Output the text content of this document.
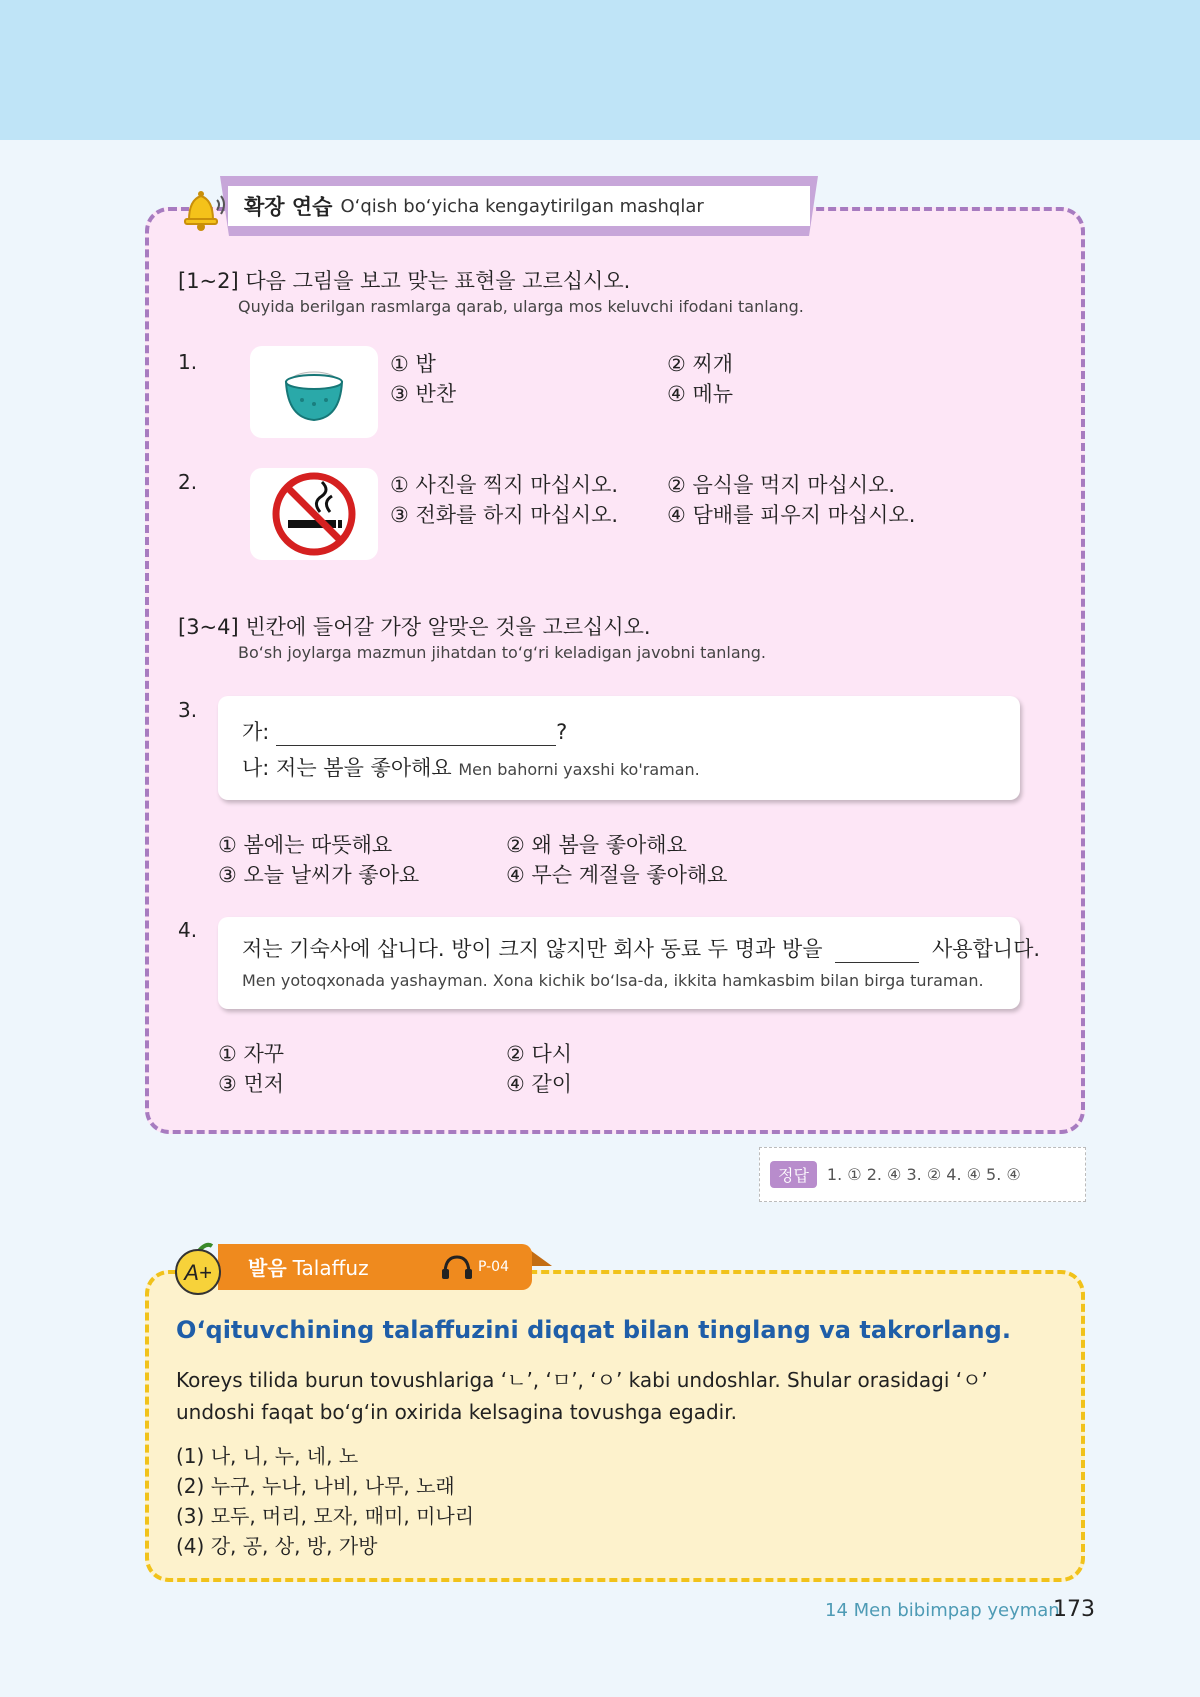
확장 연습 O‘qish bo‘yicha kengaytirilgan mashqlar
[1~2] 다음 그림을 보고 맞는 표현을 고르십시오.
Quyida berilgan rasmlarga qarab, ularga mos keluvchi ifodani tanlang.
1.	① 밥	② 찌개
③ 반찬	④ 메뉴
2.	① 사진을 찍지 마십시오. ② 음식을 먹지 마십시오.
③ 전화를 하지 마십시오. ④ 담배를 피우지 마십시오.
[3~4] 빈칸에 들어갈 가장 알맞은 것을 고르십시오.
Bo‘sh joylarga mazmun jihatdan to‘g‘ri keladigan javobni tanlang.
3.
가:	?
나: 저는 봄을 좋아해요 Men bahorni yaxshi ko'raman.
① 봄에는 따뜻해요	② 왜 봄을 좋아해요
③ 오늘 날씨가 좋아요	④ 무슨 계절을 좋아해요
4.
저는 기숙사에 삽니다. 방이 크지 않지만 회사 동료 두 명과 방을	사용합니다.
Men yotoqxonada yashayman. Xona kichik bo‘lsa-da, ikkita hamkasbim bilan birga turaman.
① 자꾸	② 다시
③ 먼저	④ 같이
정답	1. ① 2. ④ 3. ② 4. ④ 5. ④
발음 Talaffuz	P-04
A+
O‘qituvchining talaffuzini diqqat bilan tinglang va takrorlang.
Koreys tilida burun tovushlariga ‘ㄴ’, ‘ㅁ’, ‘ㅇ’ kabi undoshlar. Shular orasidagi ‘ㅇ’ undoshi faqat bo‘g‘in oxirida kelsagina tovushga egadir.
(1) 나, 니, 누, 네, 노
(2) 누구, 누나, 나비, 나무, 노래
(3) 모두, 머리, 모자, 매미, 미나리
(4) 강, 공, 상, 방, 가방
14 Men bibimpap yeyman
173
